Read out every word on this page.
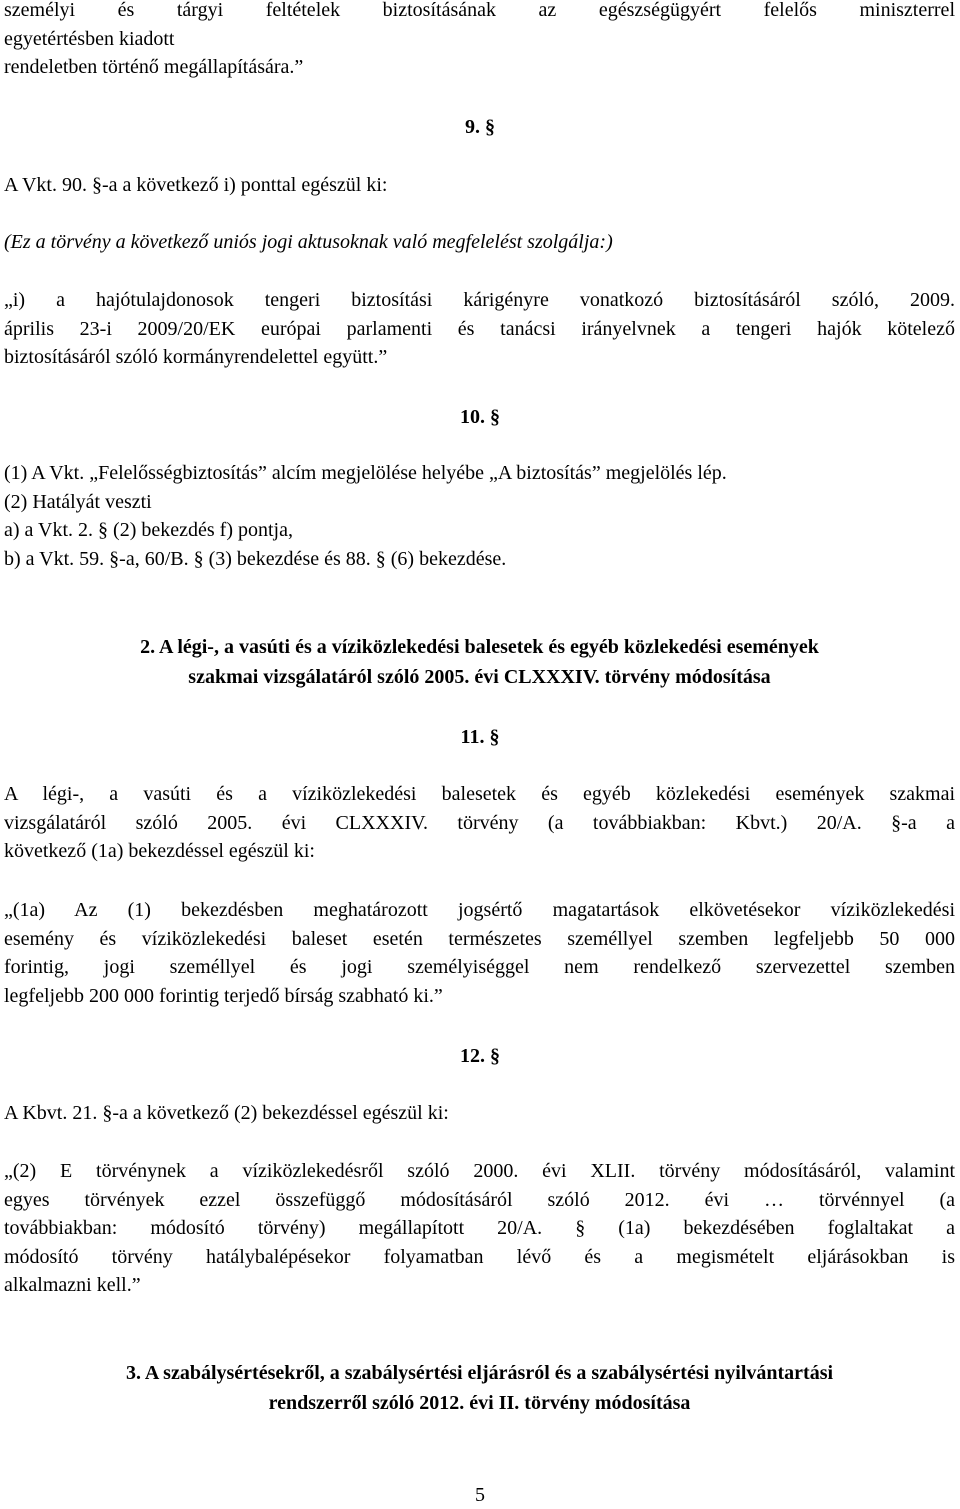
személyi és tárgyi feltételek biztosításának az egészségügyért felelős miniszterrel
egyetértésben kiadott
rendeletben történő megállapítására.”
9. §
A Vkt. 90. §-a a következő i) ponttal egészül ki:
(Ez a törvény a következő uniós jogi aktusoknak való megfelelést szolgálja:)
„i) a hajótulajdonosok tengeri biztosítási kárigényre vonatkozó biztosításáról szóló, 2009.
április 23-i 2009/20/EK európai parlamenti és tanácsi irányelvnek a tengeri hajók kötelező
biztosításáról szóló kormányrendelettel együtt.”
10. §
(1) A Vkt. „Felelősségbiztosítás” alcím megjelölése helyébe „A biztosítás” megjelölés lép.
(2) Hatályát veszti
a) a Vkt. 2. § (2) bekezdés f) pontja,
b) a Vkt. 59. §-a, 60/B. § (3) bekezdése és 88. § (6) bekezdése.
2. A légi-, a vasúti és a víziközlekedési balesetek és egyéb közlekedési események
szakmai vizsgálatáról szóló 2005. évi CLXXXIV. törvény módosítása
11. §
A légi-, a vasúti és a víziközlekedési balesetek és egyéb közlekedési események szakmai
vizsgálatáról szóló 2005. évi CLXXXIV. törvény (a továbbiakban: Kbvt.) 20/A. §-a a
következő (1a) bekezdéssel egészül ki:
„(1a) Az (1) bekezdésben meghatározott jogsértő magatartások elkövetésekor víziközlekedési
esemény és víziközlekedési baleset esetén természetes személlyel szemben legfeljebb 50 000
forintig, jogi személlyel és jogi személyiséggel nem rendelkező szervezettel szemben
legfeljebb 200 000 forintig terjedő bírság szabható ki.”
12. §
A Kbvt. 21. §-a a következő (2) bekezdéssel egészül ki:
„(2) E törvénynek a víziközlekedésről szóló 2000. évi XLII. törvény módosításáról, valamint
egyes törvények ezzel összefüggő módosításáról szóló 2012. évi … törvénnyel (a
továbbiakban: módosító törvény) megállapított 20/A. § (1a) bekezdésében foglaltakat a
módosító törvény hatálybalépésekor folyamatban lévő és a megismételt eljárásokban is
alkalmazni kell.”
3. A szabálysértésekről, a szabálysértési eljárásról és a szabálysértési nyilvántartási
rendszerről szóló 2012. évi II. törvény módosítása
5
